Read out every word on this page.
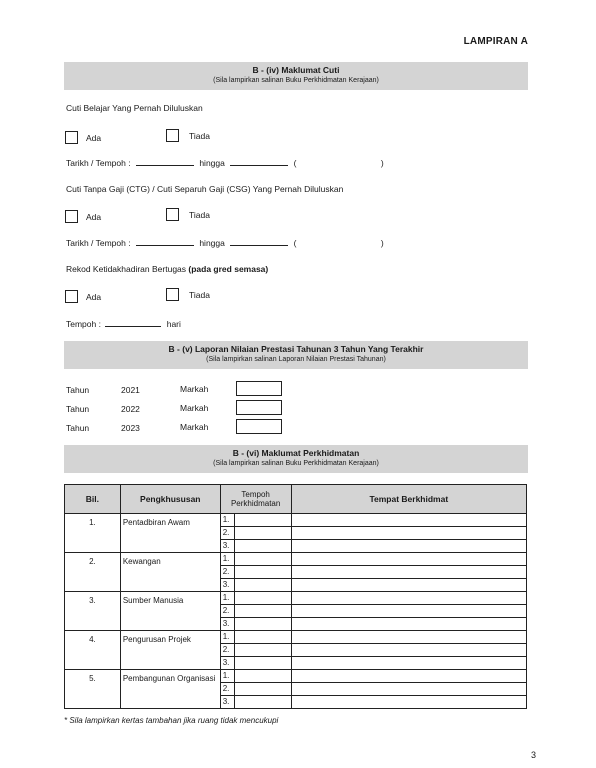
LAMPIRAN A
B - (iv) Maklumat Cuti
(Sila lampirkan salinan Buku Perkhidmatan Kerajaan)
Cuti Belajar Yang Pernah Diluluskan
Ada	Tiada
Tarikh / Tempoh :	hingga	(	)
Cuti Tanpa Gaji (CTG) / Cuti Separuh Gaji (CSG) Yang Pernah Diluluskan
Ada	Tiada
Tarikh / Tempoh :	hingga	(	)
Rekod Ketidakhadiran Bertugas (pada gred semasa)
Ada	Tiada
Tempoh :	hari
B - (v) Laporan Nilaian Prestasi Tahunan 3 Tahun Yang Terakhir
(Sila lampirkan salinan Laporan Nilaian Prestasi Tahunan)
Tahun	2021	Markah
Tahun	2022	Markah
Tahun	2023	Markah
B - (vi) Maklumat Perkhidmatan
(Sila lampirkan salinan Buku Perkhidmatan Kerajaan)
Bil.	Pengkhususan	Tempoh Perkhidmatan		Tempat Berkhidmat
1.	Pentadbiran Awam	1.		
		2.		
		3.		
2.	Kewangan	1.		
		2.		
		3.		
3.	Sumber Manusia	1.		
		2.		
		3.		
4.	Pengurusan Projek	1.		
		2.		
		3.		
5.	Pembangunan Organisasi	1.		
		2.		
		3.		
* Sila lampirkan kertas tambahan jika ruang tidak mencukupi
3
